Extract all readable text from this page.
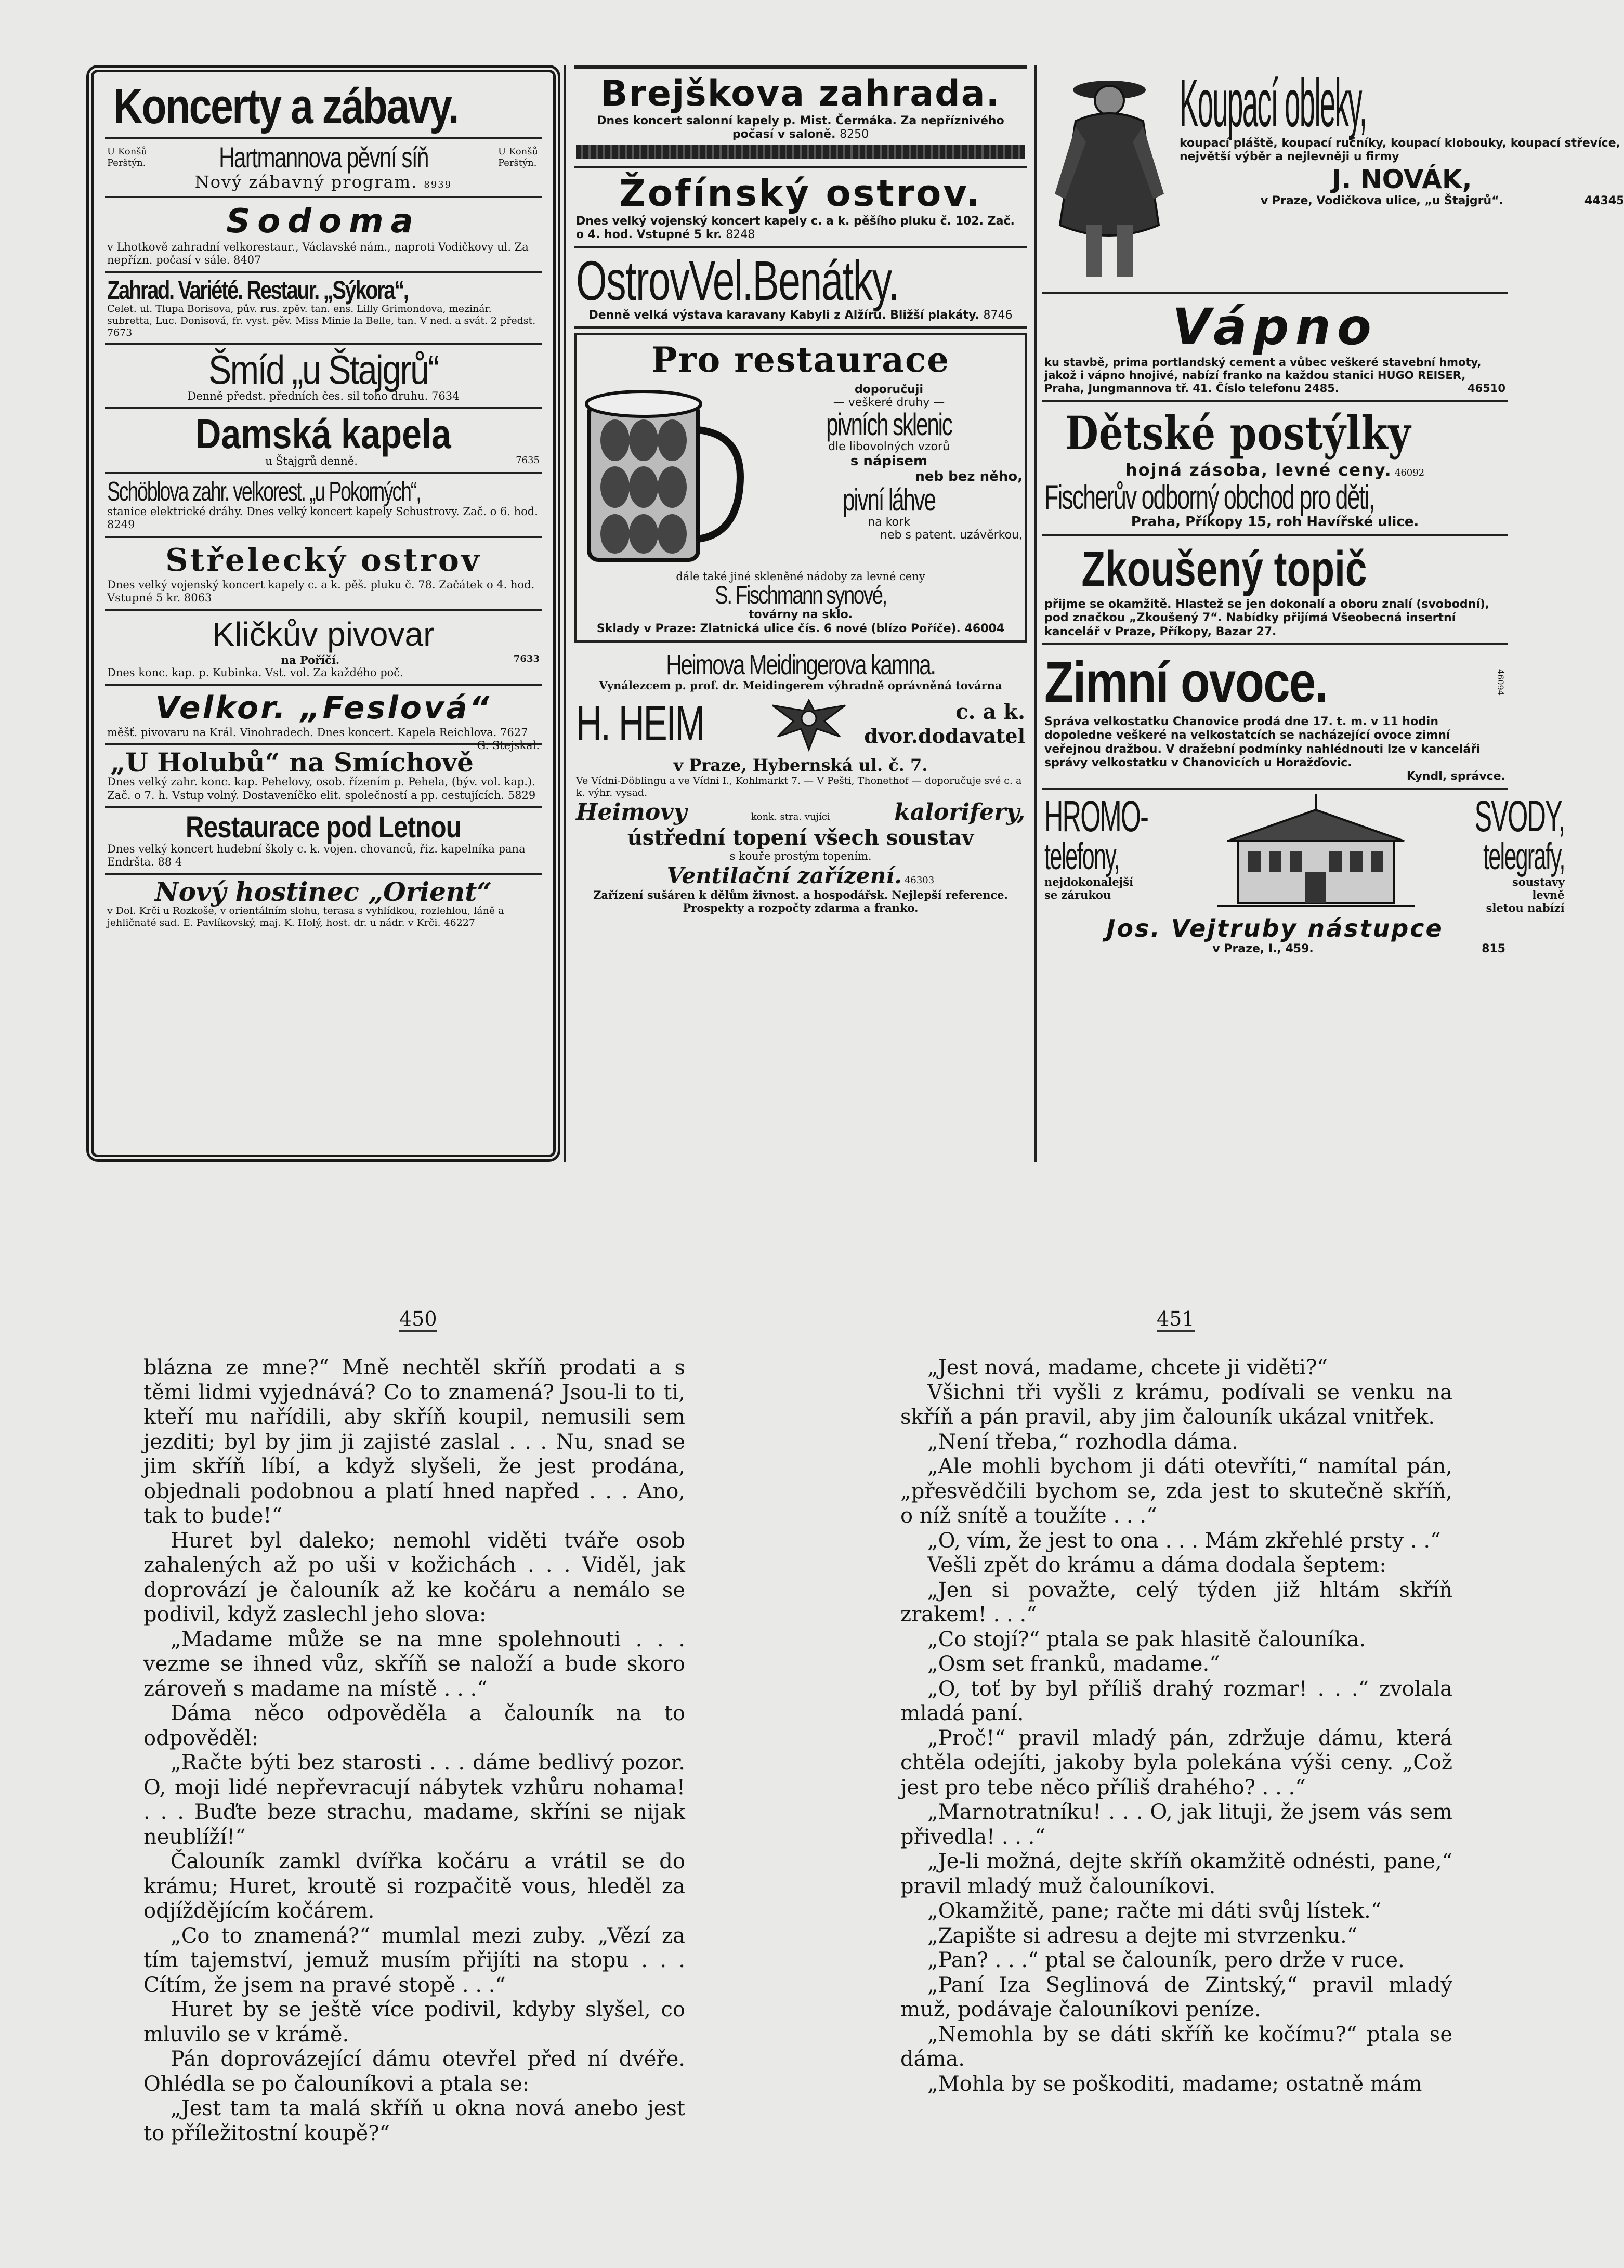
Koncerty a zábavy.
U Konšů
Perštýn.	Hartmannova pěvní síň	U Konšů
Perštýn.
Nový zábavný program. 8939
Sodoma
v Lhotkově zahradní velkorestaur., Václavské nám., naproti Vodičkovy ul. Za nepřízn. počasí v sále. 8407
Zahrad. Variété. Restaur. „Sýkora“,
Celet. ul. Tlupa Borisova, pův. rus. zpěv. tan. ens. Lilly Grimondova, mezinár. subretta, Luc. Donisová, fr. vyst. pěv. Miss Minie la Belle, tan. V ned. a svát. 2 předst. 7673
Šmíd „u Štajgrů“
Denně předst. předních čes. sil toho druhu. 7634
Damská kapela
u Štajgrů denně.	7635
Schöblova zahr. velkorest. „u Pokorných“,
stanice elektrické dráhy. Dnes velký koncert kapely Schustrovy. Zač. o 6. hod. 8249
Střelecký ostrov
Dnes velký vojenský koncert kapely c. a k. pěš. pluku č. 78. Začátek o 4. hod. Vstupné 5 kr. 8063
Kličkův pivovar
na Poříčí.	7633
Dnes konc. kap. p. Kubinka. Vst. vol. Za každého poč.
Velkor. „Feslová“
měšť. pivovaru na Král. Vinohradech. Dnes koncert. Kapela Reichlova. 7627
G. Stejskal.
„U Holubů“ na Smíchově
Dnes velký zahr. konc. kap. Pehelovy, osob. řízením p. Pehela, (býv. vol. kap.). Zač. o 7. h. Vstup volný. Dostaveníčko elit. společností a pp. cestujících. 5829
Restaurace pod Letnou
Dnes velký koncert hudební školy c. k. vojen. chovanců, řiz. kapelníka pana Endršta. 88 4
Nový hostinec „Orient“
v Dol. Krči u Rozkoše, v orientálním slohu, terasa s vyhlídkou, rozlehlou, láně a jehličnaté sad. E. Pavlíkovský, maj. K. Holý, host. dr. u nádr. v Krči. 46227
Brejškova zahrada.
Dnes koncert salonní kapely p. Mist. Čermáka. Za nepříznivého počasí v saloně. 8250
Žofínský ostrov.
Dnes velký vojenský koncert kapely c. a k. pěšího pluku č. 102. Zač. o 4. hod. Vstupné 5 kr. 8248
OstrovVel.Benátky.
Denně velká výstava karavany Kabyli z Alžíru. Bližší plakáty. 8746
Pro restaurace
doporučuji
— veškeré druhy —
pivních sklenic
dle libovolných vzorů
s nápisem
neb bez něho,
pivní láhve
na kork
neb s patent. uzávěrkou,
dále také jiné skleněné nádoby za levné ceny
S. Fischmann synové,
továrny na sklo.
Sklady v Praze: Zlatnická ulice čís. 6 nové (blízo Poříče). 46004
Heimova Meidingerova kamna.
Vynálezcem p. prof. dr. Meidingerem výhradně oprávněná továrna
H. HEIM	c. a k.
dvor.dodavatel
v Praze, Hybernská ul. č. 7.
Ve Vídni-Döblingu a ve Vídni I., Kohlmarkt 7. — V Pešti, Thonethof — doporučuje své c. a k. výhr. vysad.
Heimovy	konk. stra. vujíci	kalorifery,
ústřední topení všech soustav
s kouře prostým topením.
Ventilační zařízení. 46303
Zařízení sušáren k dělům živnost. a hospodářsk. Nejlepší reference. Prospekty a rozpočty zdarma a franko.
Koupací obleky,
koupací pláště, koupací ručníky, koupací klobouky, koupací střevíce, největší výběr a nejlevněji u firmy
J. NOVÁK,
v Praze, Vodičkova ulice, „u Štajgrů“.	44345
Vápno
ku stavbě, prima portlandský cement a vůbec veškeré stavební hmoty, jakož i vápno hnojivé, nabízí franko na každou stanici HUGO REISER, Praha, Jungmannova tř. 41. Číslo telefonu 2485.	46510
Dětské postýlky
hojná zásoba, levné ceny. 46092
Fischerův odborný obchod pro děti,
Praha, Příkopy 15, roh Havířské ulice.
Zkoušený topič
přijme se okamžitě. Hlastež se jen dokonalí a oboru znalí (svobodní), pod značkou „Zkoušený 7“. Nabídky přijímá Všeobecná insertní kancelář v Praze, Příkopy, Bazar 27.
Zimní ovoce.	46094
Správa velkostatku Chanovice prodá dne 17. t. m. v 11 hodin dopoledne veškeré na velkostatcích se nacházející ovoce zimní veřejnou dražbou. V dražební podmínky nahlédnouti lze v kanceláři správy velkostatku v Chanovicích u Horažďovic.
Kyndl, správce.
HROMO-
telefony,
nejdokonalejší
se zárukou
SVODY,
telegrafy,
soustavy
levně
sletou nabízí
Jos. Vejtruby nástupce
v Praze, I., 459.	815
450	451

blázna ze mne?“ Mně nechtěl skříň prodati a s těmi lidmi vyjednává? Co to znamená? Jsou-li to ti, kteří mu nařídili, aby skříň koupil, nemusili sem jezditi; byl by jim ji zajisté zaslal . . . Nu, snad se jim skříň líbí, a když slyšeli, že jest prodána, objednali podobnou a platí hned napřed . . . Ano, tak to bude!“

Huret byl daleko; nemohl viděti tváře osob zahalených až po uši v kožichách . . . Viděl, jak doprovází je čalouník až ke kočáru a nemálo se podivil, když zaslechl jeho slova:

„Madame může se na mne spolehnouti . . . vezme se ihned vůz, skříň se naloží a bude skoro zároveň s madame na místě . . .“

Dáma něco odpověděla a čalouník na to odpověděl:

„Račte býti bez starosti . . . dáme bedlivý pozor. O, moji lidé nepřevracují nábytek vzhůru nohama! . . . Buďte beze strachu, madame, skříni se nijak neublíží!“

Čalouník zamkl dvířka kočáru a vrátil se do krámu; Huret, kroutě si rozpačitě vous, hleděl za odjíždějícím kočárem.

„Co to znamená?“ mumlal mezi zuby. „Vězí za tím tajemství, jemuž musím přijíti na stopu . . . Cítím, že jsem na pravé stopě . . .“

Huret by se ještě více podivil, kdyby slyšel, co mluvilo se v krámě.

Pán doprovázející dámu otevřel před ní dvéře. Ohlédla se po čalouníkovi a ptala se:

„Jest tam ta malá skříň u okna nová anebo jest to příležitostní koupě?“

„Jest nová, madame, chcete ji viděti?“

Všichni tři vyšli z krámu, podívali se venku na skříň a pán pravil, aby jim čalouník ukázal vnitřek.

„Není třeba,“ rozhodla dáma.

„Ale mohli bychom ji dáti otevříti,“ namítal pán, „přesvědčili bychom se, zda jest to skutečně skříň, o níž snítě a toužíte . . .“

„O, vím, že jest to ona . . . Mám zkřehlé prsty . .“

Vešli zpět do krámu a dáma dodala šeptem:

„Jen si považte, celý týden již hltám skříň zrakem! . . .“

„Co stojí?“ ptala se pak hlasitě čalouníka.

„Osm set franků, madame.“

„O, toť by byl příliš drahý rozmar! . . .“ zvolala mladá paní.

„Proč!“ pravil mladý pán, zdržuje dámu, která chtěla odejíti, jakoby byla polekána výši ceny. „Což jest pro tebe něco příliš drahého? . . .“

„Marnotratníku! . . . O, jak lituji, že jsem vás sem přivedla! . . .“

„Je-li možná, dejte skříň okamžitě odnésti, pane,“ pravil mladý muž čalouníkovi.

„Okamžitě, pane; račte mi dáti svůj lístek.“

„Zapište si adresu a dejte mi stvrzenku.“

„Pan? . . .“ ptal se čalouník, pero drže v ruce.

„Paní Iza Seglinová de Zintský,“ pravil mladý muž, podávaje čalouníkovi peníze.

„Nemohla by se dáti skříň ke kočímu?“ ptala se dáma.

„Mohla by se poškoditi, madame; ostatně mám
